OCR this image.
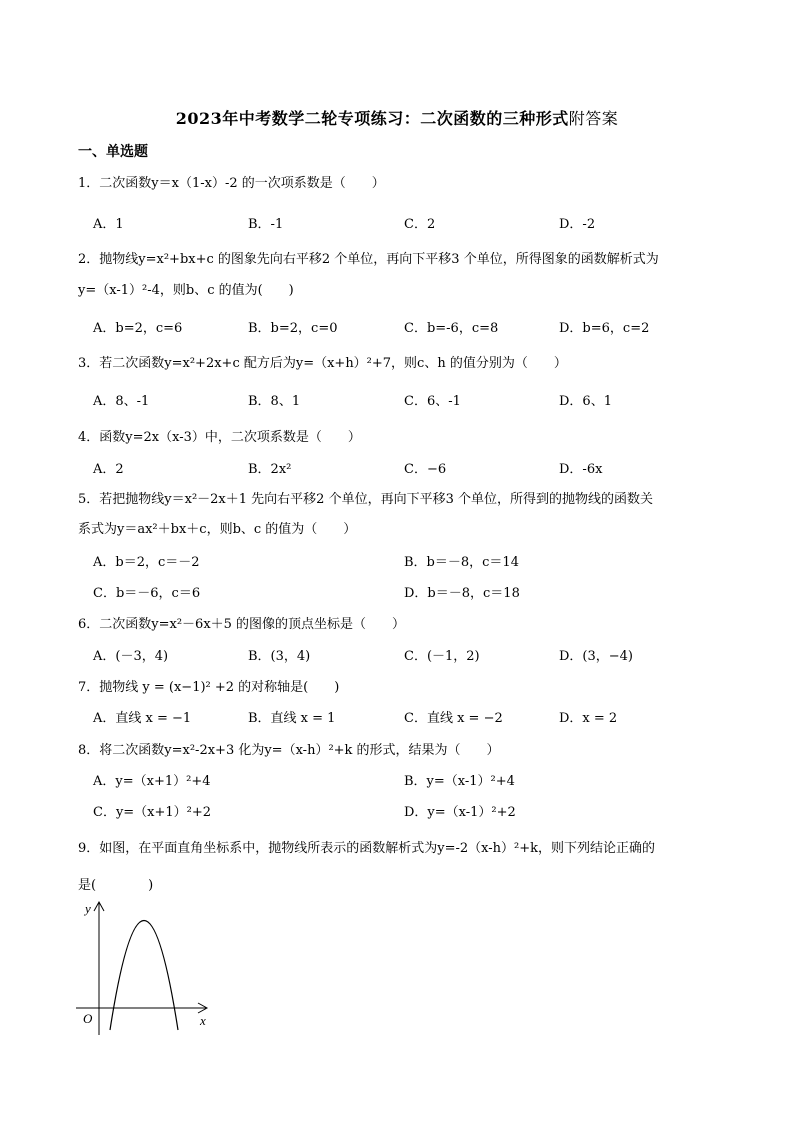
2023年中考数学二轮专项练习：二次函数的三种形式附答案
一、单选题
1．二次函数y＝x（1-x）-2 的一次项系数是（　　）
A．1	B．-1	C．2	D．-2
2．抛物线y=x²+bx+c 的图象先向右平移2 个单位，再向下平移3 个单位，所得图象的函数解析式为
y=（x-1）²-4，则b、c 的值为(　　)
A．b=2，c=6	B．b=2，c=0	C．b=-6，c=8	D．b=6，c=2
3．若二次函数y=x²+2x+c 配方后为y=（x+h）²+7，则c、h 的值分别为（　　）
A．8、-1	B．8、1	C．6、-1	D．6、1
4．函数y=2x（x-3）中，二次项系数是（　　）
A．2	B．2x²	C．−6	D．-6x
5．若把抛物线y＝x²－2x＋1 先向右平移2 个单位，再向下平移3 个单位，所得到的抛物线的函数关
系式为y＝ax²＋bx＋c，则b、c 的值为（　　）
A．b＝2，c＝－2	B．b＝－8，c＝14
C．b＝－6，c＝6	D．b＝－8，c＝18
6．二次函数y=x²－6x＋5 的图像的顶点坐标是（　　）
A．(－3，4)	B．(3，4)	C．(－1，2)	D．(3，−4)
7．抛物线 y = (x−1)² +2 的对称轴是(　　)
A．直线 x = −1	B．直线 x = 1	C．直线 x = −2	D．x = 2
8．将二次函数y=x²-2x+3 化为y=（x-h）²+k 的形式，结果为（　　）
A．y=（x+1）²+4	B．y=（x-1）²+4
C．y=（x+1）²+2	D．y=（x-1）²+2
9．如图，在平面直角坐标系中，抛物线所表示的函数解析式为y=-2（x-h）²+k，则下列结论正确的
是(　　　　)
y
x
O
